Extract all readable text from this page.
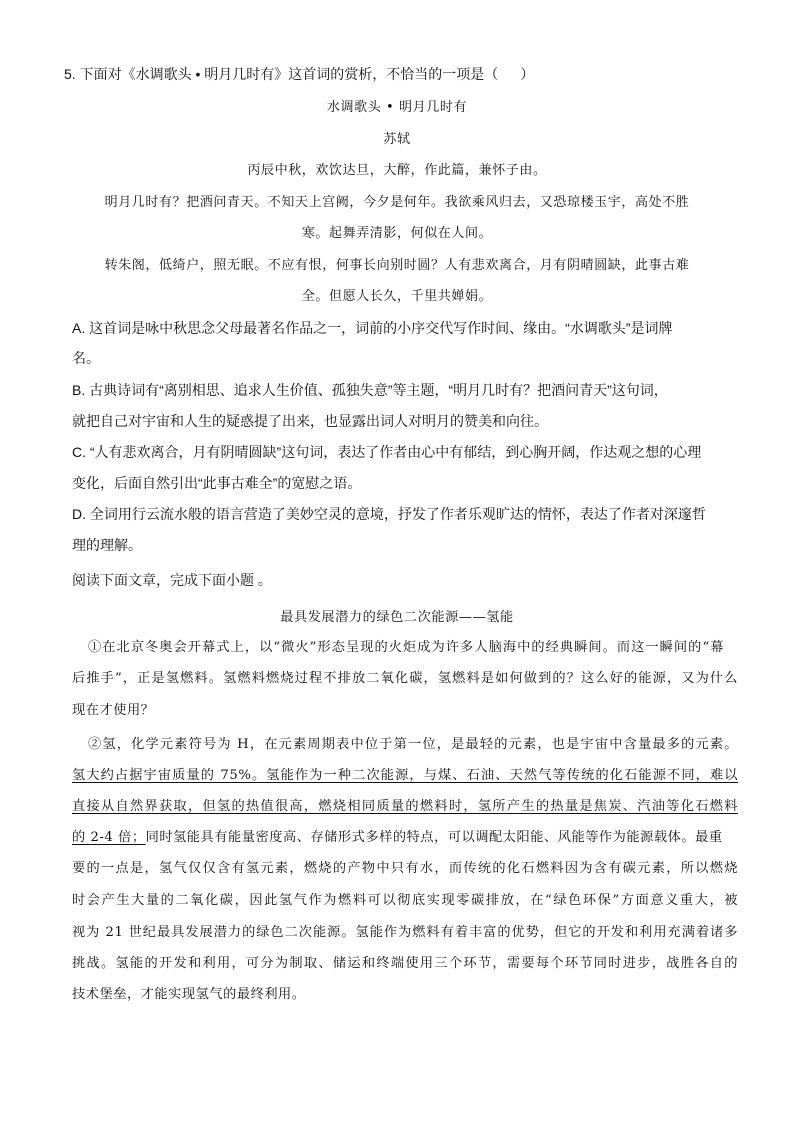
5. 下面对《水调歌头 • 明月几时有》这首词的赏析，不恰当的一项是（ ）
水调歌头 • 明月几时有
苏轼
丙辰中秋，欢饮达旦，大醉，作此篇，兼怀子由。
明月几时有？把酒问青天。不知天上宫阙，今夕是何年。我欲乘风归去，又恐琼楼玉宇，高处不胜
寒。起舞弄清影，何似在人间。
转朱阁，低绮户，照无眠。不应有恨，何事长向别时圆？人有悲欢离合，月有阴晴圆缺，此事古难
全。但愿人长久，千里共婵娟。
A. 这首词是咏中秋思念父母最著名作品之一，词前的小序交代写作时间、缘由。“水调歌头”是词牌
名。
B. 古典诗词有“离别相思、追求人生价值、孤独失意”等主题，“明月几时有？把酒问青天”这句词，
就把自己对宇宙和人生的疑惑提了出来，也显露出词人对明月的赞美和向往。
C. “人有悲欢离合，月有阴晴圆缺”这句词，表达了作者由心中有郁结，到心胸开阔，作达观之想的心理
变化，后面自然引出“此事古难全”的宽慰之语。
D. 全词用行云流水般的语言营造了美妙空灵的意境，抒发了作者乐观旷达的情怀，表达了作者对深邃哲
理的理解。
阅读下面文章，完成下面小题 。
最具发展潜力的绿色二次能源——氢能
①在北京冬奥会开幕式上，以“微火”形态呈现的火炬成为许多人脑海中的经典瞬间。而这一瞬间的“幕
后推手”，正是氢燃料。氢燃料燃烧过程不排放二氧化碳，氢燃料是如何做到的？这么好的能源，又为什么
现在才使用？
②氢，化学元素符号为 H，在元素周期表中位于第一位，是最轻的元素，也是宇宙中含量最多的元素。
氢大约占据宇宙质量的 75%。氢能作为一种二次能源，与煤、石油、天然气等传统的化石能源不同，难以
直接从自然界获取，但氢的热值很高，燃烧相同质量的燃料时，氢所产生的热量是焦炭、汽油等化石燃料
的 2-4 倍；同时氢能具有能量密度高、存储形式多样的特点，可以调配太阳能、风能等作为能源载体。最重
要的一点是，氢气仅仅含有氢元素，燃烧的产物中只有水，而传统的化石燃料因为含有碳元素，所以燃烧
时会产生大量的二氧化碳，因此氢气作为燃料可以彻底实现零碳排放，在“绿色环保”方面意义重大，被
视为 21 世纪最具发展潜力的绿色二次能源。氢能作为燃料有着丰富的优势，但它的开发和利用充满着诸多
挑战。氢能的开发和利用，可分为制取、储运和终端使用三个环节，需要每个环节同时进步，战胜各自的
技术堡垒，才能实现氢气的最终利用。
